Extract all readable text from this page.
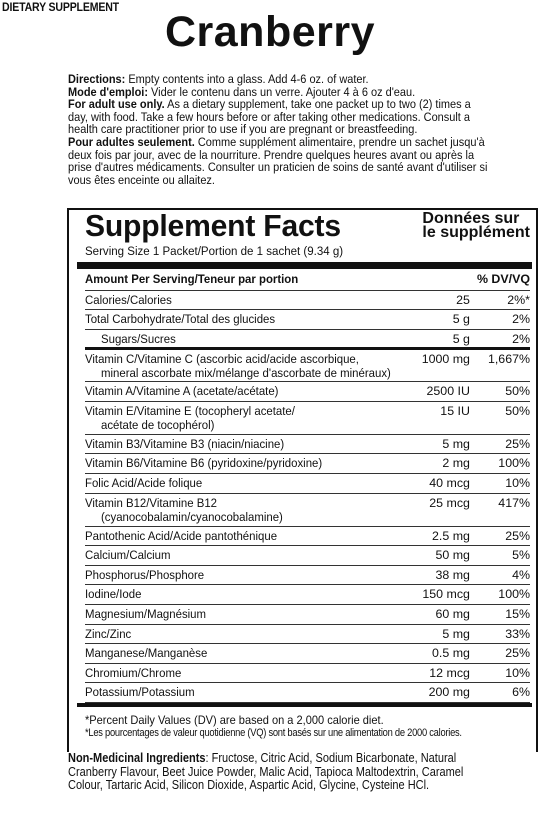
DIETARY SUPPLEMENT
Cranberry

Directions: Empty contents into a glass. Add 4-6 oz. of water.

Mode d'emploi: Vider le contenu dans un verre. Ajouter 4 à 6 oz d'eau.

For adult use only. As a dietary supplement, take one packet up to two (2) times a day, with food. Take a few hours before or after taking other medications. Consult a health care practitioner prior to use if you are pregnant or breastfeeding.

Pour adultes seulement. Comme supplément alimentaire, prendre un sachet jusqu'à deux fois par jour, avec de la nourriture. Prendre quelques heures avant ou après la prise d'autres médicaments. Consulter un praticien de soins de santé avant d'utiliser si vous êtes enceinte ou allaitez.

Supplement Facts	Données sur
le supplément
Serving Size 1 Packet/Portion de 1 sachet (9.34 g)
Amount Per Serving/Teneur par portion		% DV/VQ
Calories/Calories	25	2%*
Total Carbohydrate/Total des glucides	5 g	2%
Sugars/Sucres	5 g	2%
Vitamin C/Vitamine C (ascorbic acid/acide ascorbique,
mineral ascorbate mix/mélange d'ascorbate de minéraux)	1000 mg	1,667%
Vitamin A/Vitamine A (acetate/acétate)	2500 IU	50%
Vitamin E/Vitamine E (tocopheryl acetate/
acétate de tocophérol)	15 IU	50%
Vitamin B3/Vitamine B3 (niacin/niacine)	5 mg	25%
Vitamin B6/Vitamine B6 (pyridoxine/pyridoxine)	2 mg	100%
Folic Acid/Acide folique	40 mcg	10%
Vitamin B12/Vitamine B12
(cyanocobalamin/cyanocobalamine)	25 mcg	417%
Pantothenic Acid/Acide pantothénique	2.5 mg	25%
Calcium/Calcium	50 mg	5%
Phosphorus/Phosphore	38 mg	4%
Iodine/Iode	150 mcg	100%
Magnesium/Magnésium	60 mg	15%
Zinc/Zinc	5 mg	33%
Manganese/Manganèse	0.5 mg	25%
Chromium/Chrome	12 mcg	10%
Potassium/Potassium	200 mg	6%
*Percent Daily Values (DV) are based on a 2,000 calorie diet.
*Les pourcentages de valeur quotidienne (VQ) sont basés sur une alimentation de 2000 calories.
Non-Medicinal Ingredients: Fructose, Citric Acid, Sodium Bicarbonate, Natural Cranberry Flavour, Beet Juice Powder, Malic Acid, Tapioca Maltodextrin, Caramel Colour, Tartaric Acid, Silicon Dioxide, Aspartic Acid, Glycine, Cysteine HCl.
